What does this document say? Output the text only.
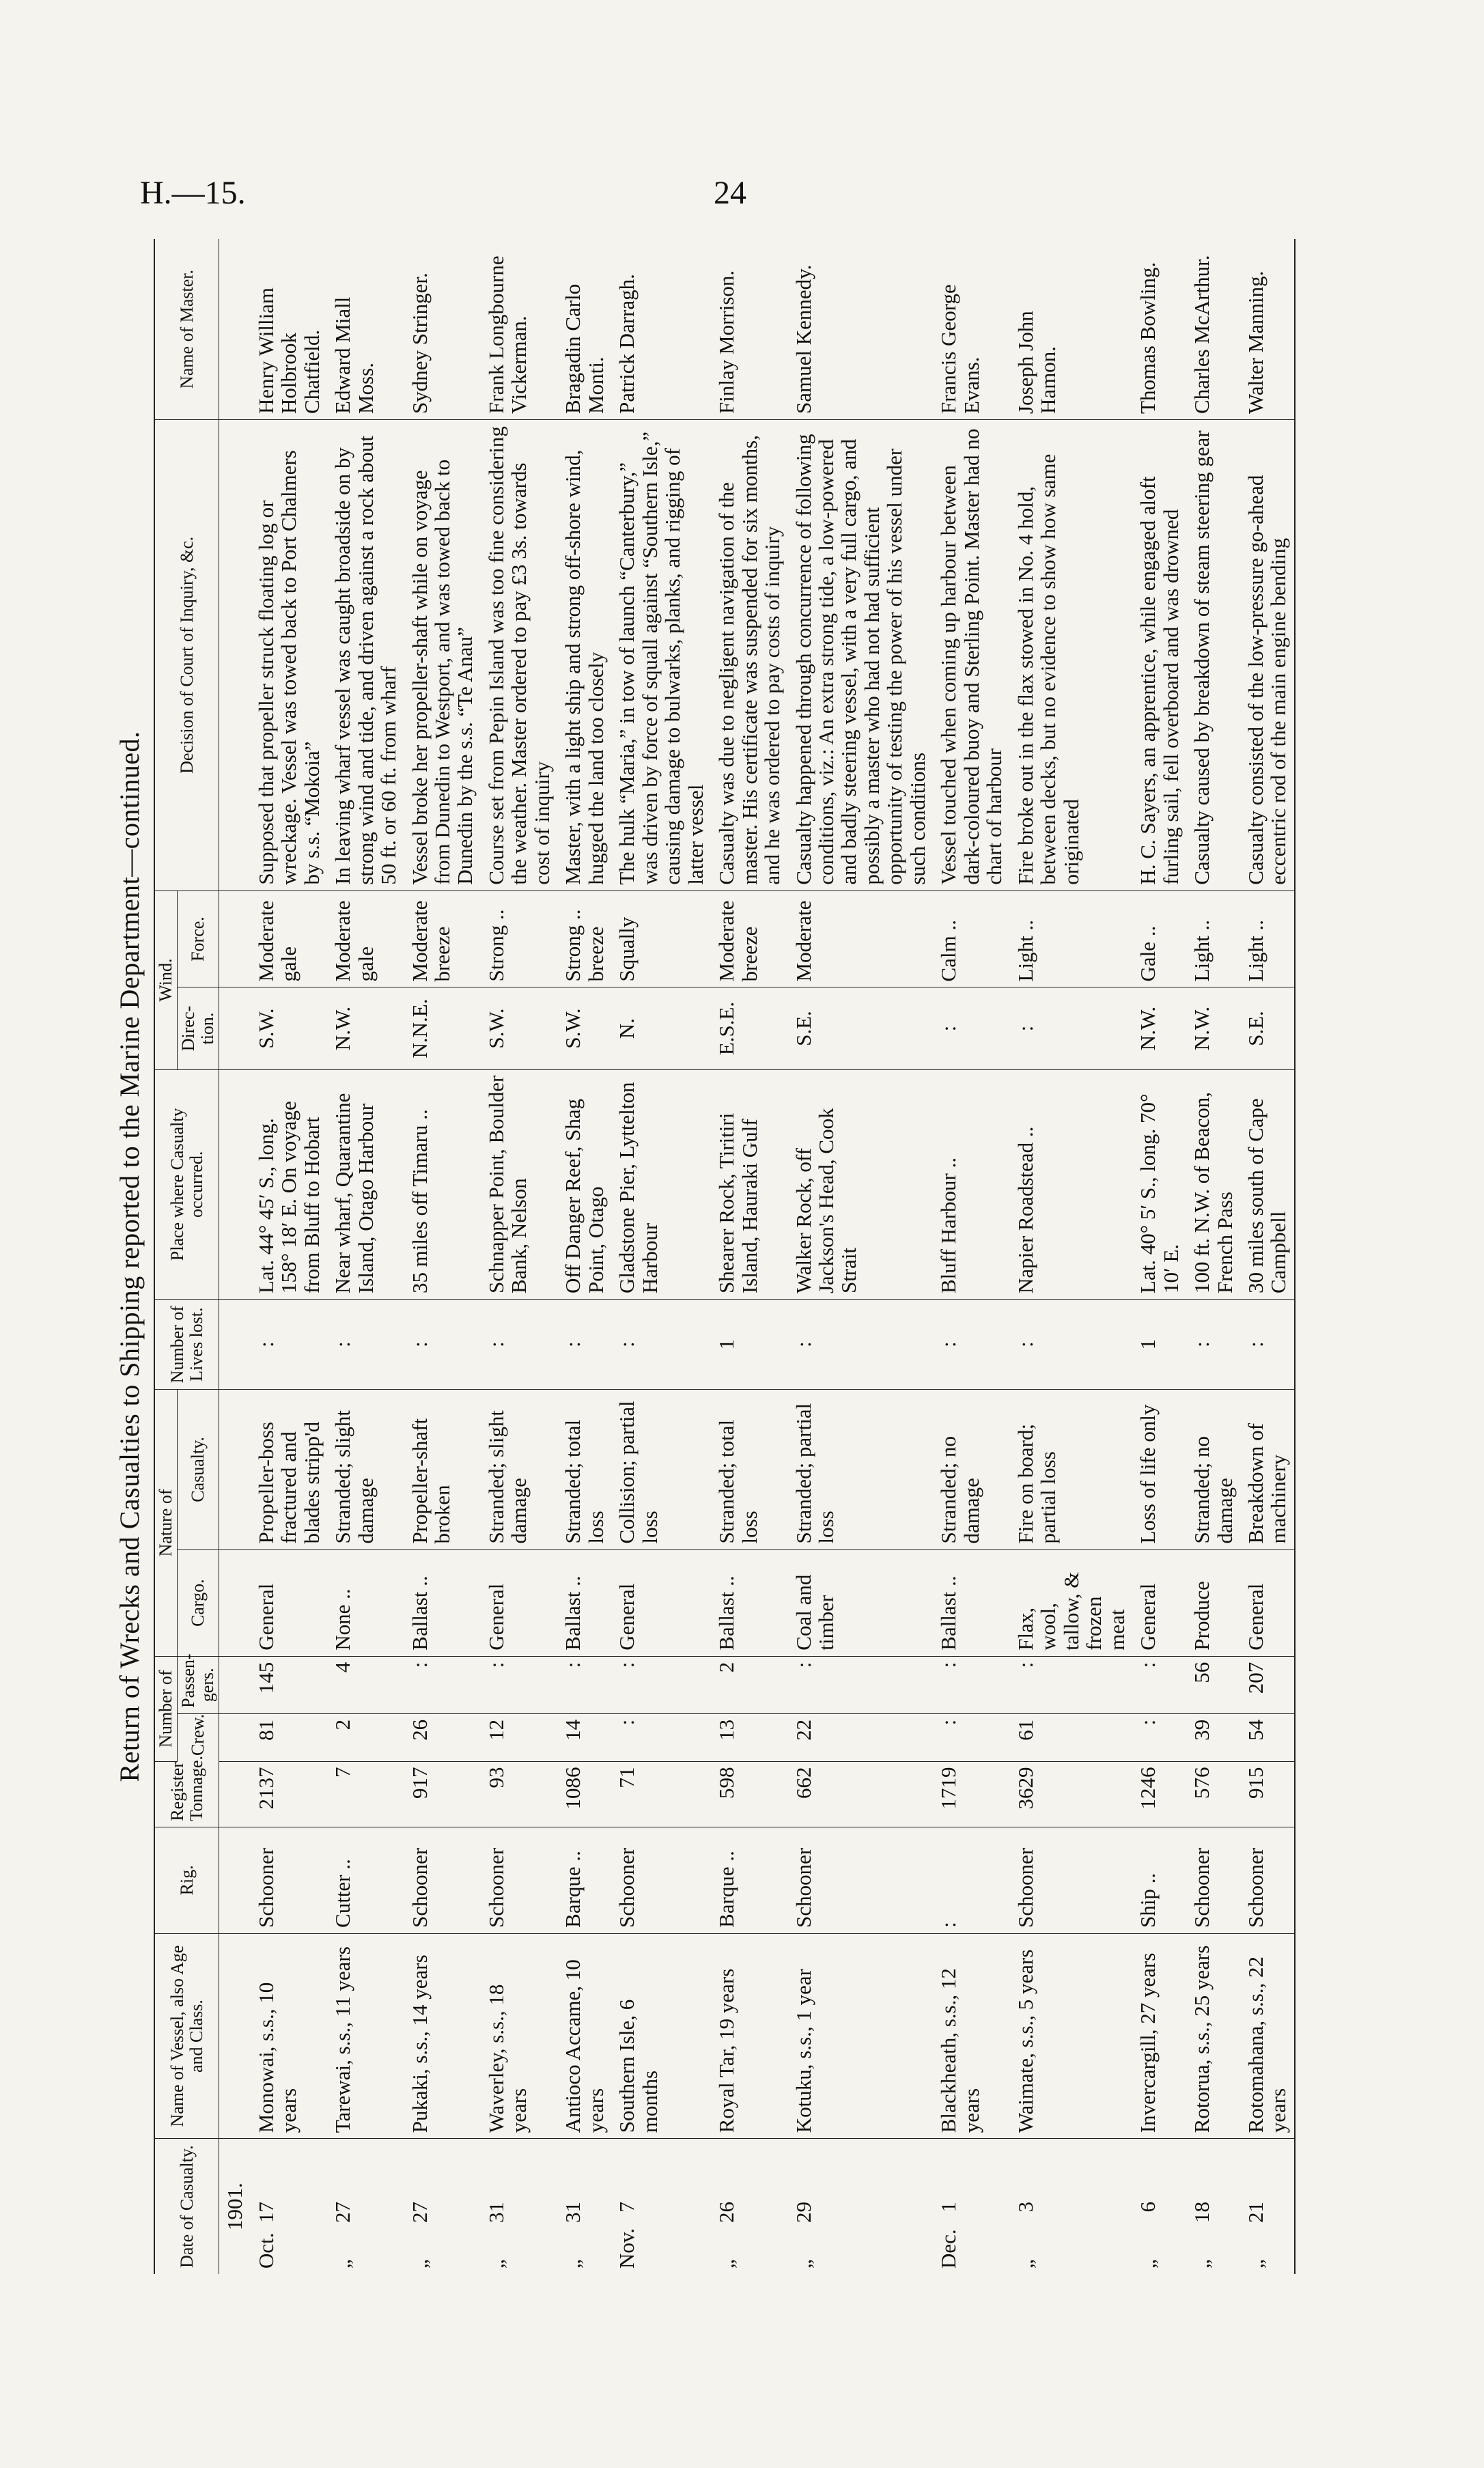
H.—15.	24
Return of Wrecks and Casualties to Shipping reported to the Marine Department—continued.
Date of Casualty.	Name of Vessel, also Age and Class.	Rig.	Register Tonnage.	Number of		Nature of		Number of Lives lost.	Place where Casualty occurred.	Wind.		Decision of Court of Inquiry, &c.	Name of Master.
				Crew.	Passen-gers.	Cargo.	Casualty.			Direc-tion.	Force.		
1901.													
Oct.17	Monowai, s.s., 10 years	Schooner	2137	81	145	General	Propeller-boss fractured and blades stripp'd	:	Lat. 44° 45′ S., long. 158° 18′ E. On voyage from Bluff to Hobart	S.W.	Moderate gale	Supposed that propeller struck floating log or wreckage. Vessel was towed back to Port Chalmers by s.s. “Mokoia”	Henry William Holbrook Chatfield.
„27	Tarewai, s.s., 11 years	Cutter ..	7	2	4	None ..	Stranded; slight damage	:	Near wharf, Quarantine Island, Otago Harbour	N.W.	Moderate gale	In leaving wharf vessel was caught broadside on by strong wind and tide, and driven against a rock about 50 ft. or 60 ft. from wharf	Edward Miall Moss.
„27	Pukaki, s.s., 14 years	Schooner	917	26	:	Ballast ..	Propeller-shaft broken	:	35 miles off Timaru ..	N.N.E.	Moderate breeze	Vessel broke her propeller-shaft while on voyage from Dunedin to Westport, and was towed back to Dunedin by the s.s. “Te Anau”	Sydney Stringer.
„31	Waverley, s.s., 18 years	Schooner	93	12	:	General	Stranded; slight damage	:	Schnapper Point, Boulder Bank, Nelson	S.W.	Strong ..	Course set from Pepin Island was too fine considering the weather. Master ordered to pay £3 3s. towards cost of inquiry	Frank Longbourne Vickerman.
„31	Antioco Accame, 10 years	Barque ..	1086	14	:	Ballast ..	Stranded; total loss	:	Off Danger Reef, Shag Point, Otago	S.W.	Strong .. breeze	Master, with a light ship and strong off-shore wind, hugged the land too closely	Bragadin Carlo Monti.
Nov.7	Southern Isle, 6 months	Schooner	71	:	:	General	Collision; partial loss	:	Gladstone Pier, Lyttelton Harbour	N.	Squally	The hulk “Maria,” in tow of launch “Canterbury,” was driven by force of squall against “Southern Isle,” causing damage to bulwarks, planks, and rigging of latter vessel	Patrick Darragh.
„26	Royal Tar, 19 years	Barque ..	598	13	2	Ballast ..	Stranded; total loss	1	Shearer Rock, Tiritiri Island, Hauraki Gulf	E.S.E.	Moderate breeze	Casualty was due to negligent navigation of the master. His certificate was suspended for six months, and he was ordered to pay costs of inquiry	Finlay Morrison.
„29	Kotuku, s.s., 1 year	Schooner	662	22	:	Coal and timber	Stranded; partial loss	:	Walker Rock, off Jackson's Head, Cook Strait	S.E.	Moderate	Casualty happened through concurrence of following conditions, viz.: An extra strong tide, a low-powered and badly steering vessel, with a very full cargo, and possibly a master who had not had sufficient opportunity of testing the power of his vessel under such conditions	Samuel Kennedy.
Dec.1	Blackheath, s.s., 12 years	:	1719	:	:	Ballast ..	Stranded; no damage	:	Bluff Harbour ..	:	Calm ..	Vessel touched when coming up harbour between dark-coloured buoy and Sterling Point. Master had no chart of harbour	Francis George Evans.
„3	Waimate, s.s., 5 years	Schooner	3629	61	:	Flax, wool, tallow, & frozen meat	Fire on board; partial loss	:	Napier Roadstead ..	:	Light ..	Fire broke out in the flax stowed in No. 4 hold, between decks, but no evidence to show how same originated	Joseph John Hamon.
„6	Invercargill, 27 years	Ship ..	1246	:	:	General	Loss of life only	1	Lat. 40° 5′ S., long. 70° 10′ E.	N.W.	Gale ..	H. C. Sayers, an apprentice, while engaged aloft furling sail, fell overboard and was drowned	Thomas Bowling.
„18	Rotorua, s.s., 25 years	Schooner	576	39	56	Produce	Stranded; no damage	:	100 ft. N.W. of Beacon, French Pass	N.W.	Light ..	Casualty caused by breakdown of steam steering gear	Charles McArthur.
„21	Rotomahana, s.s., 22 years	Schooner	915	54	207	General	Breakdown of machinery	:	30 miles south of Cape Campbell	S.E.	Light ..	Casualty consisted of the low-pressure go-ahead eccentric rod of the main engine bending	Walter Manning.
